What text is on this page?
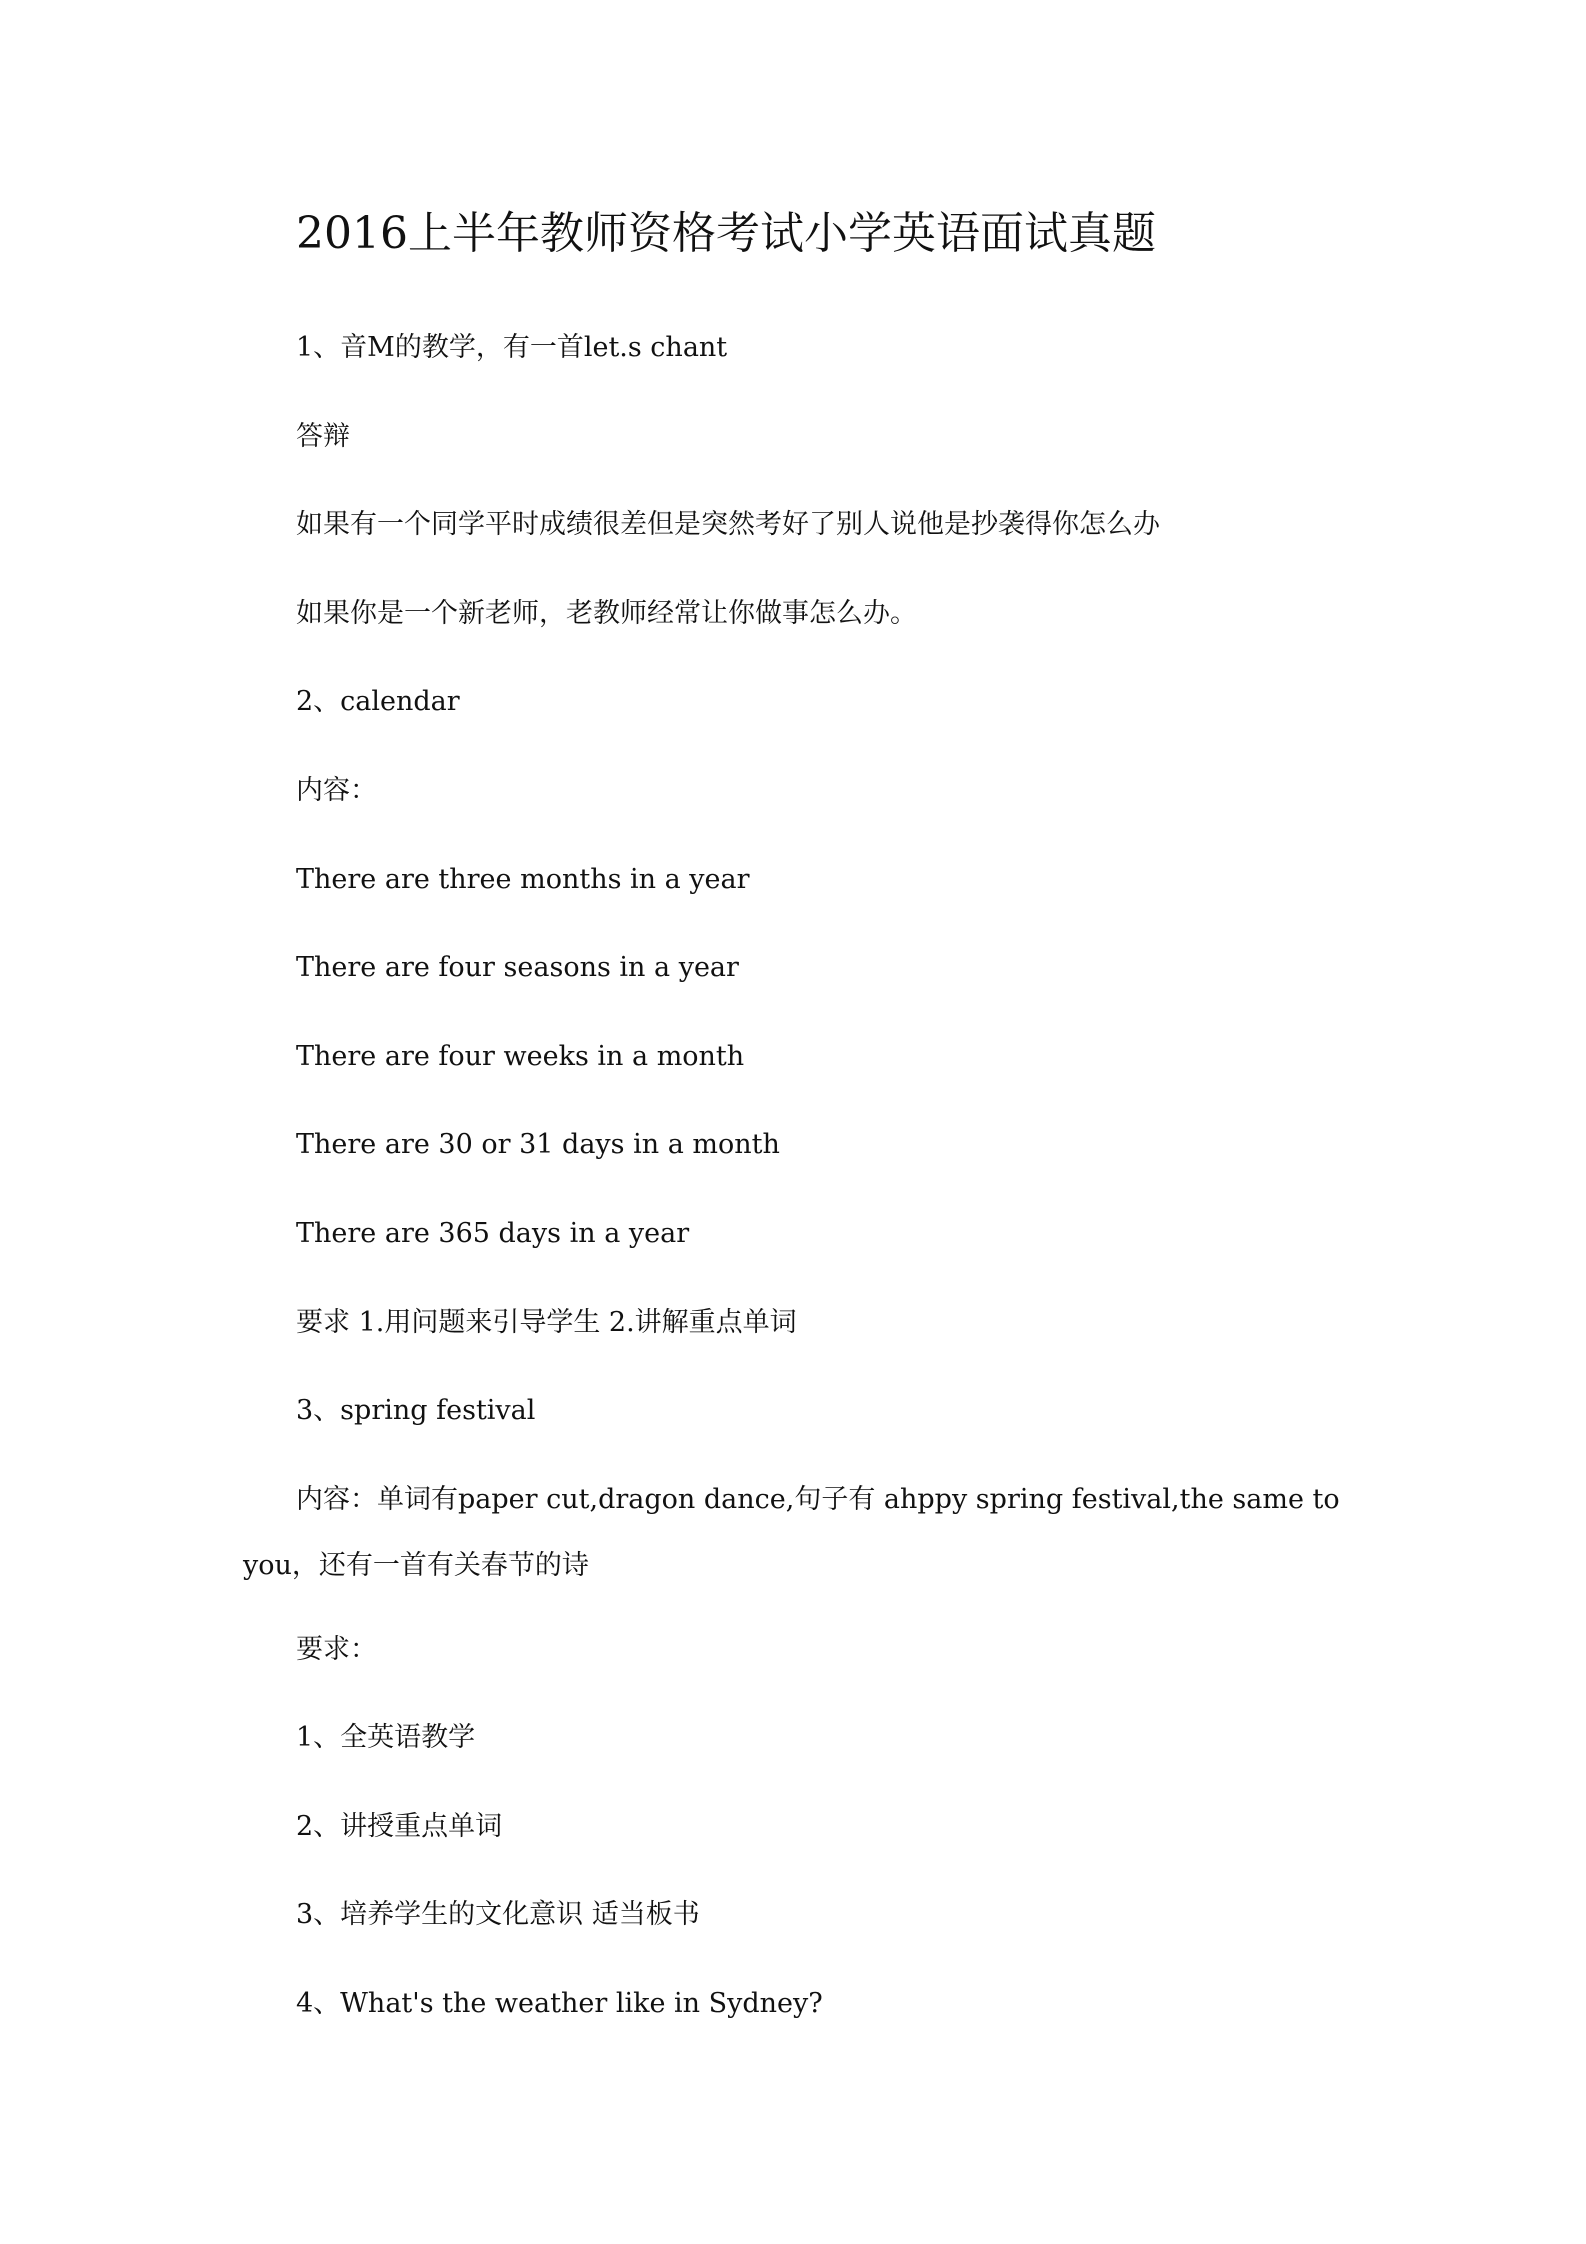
2016上半年教师资格考试小学英语面试真题

1、音M的教学，有一首let.s chant

答辩

如果有一个同学平时成绩很差但是突然考好了别人说他是抄袭得你怎么办

如果你是一个新老师，老教师经常让你做事怎么办。

2、calendar

内容：

There are three months in a year

There are four seasons in a year

There are four weeks in a month

There are 30 or 31 days in a month

There are 365 days in a year

要求 1.用问题来引导学生 2.讲解重点单词

3、spring festival

内容：单词有paper cut,dragon dance,句子有 ahppy spring festival,the same to you，还有一首有关春节的诗

要求：

1、全英语教学

2、讲授重点单词

3、培养学生的文化意识 适当板书

4、What's the weather like in Sydney?
